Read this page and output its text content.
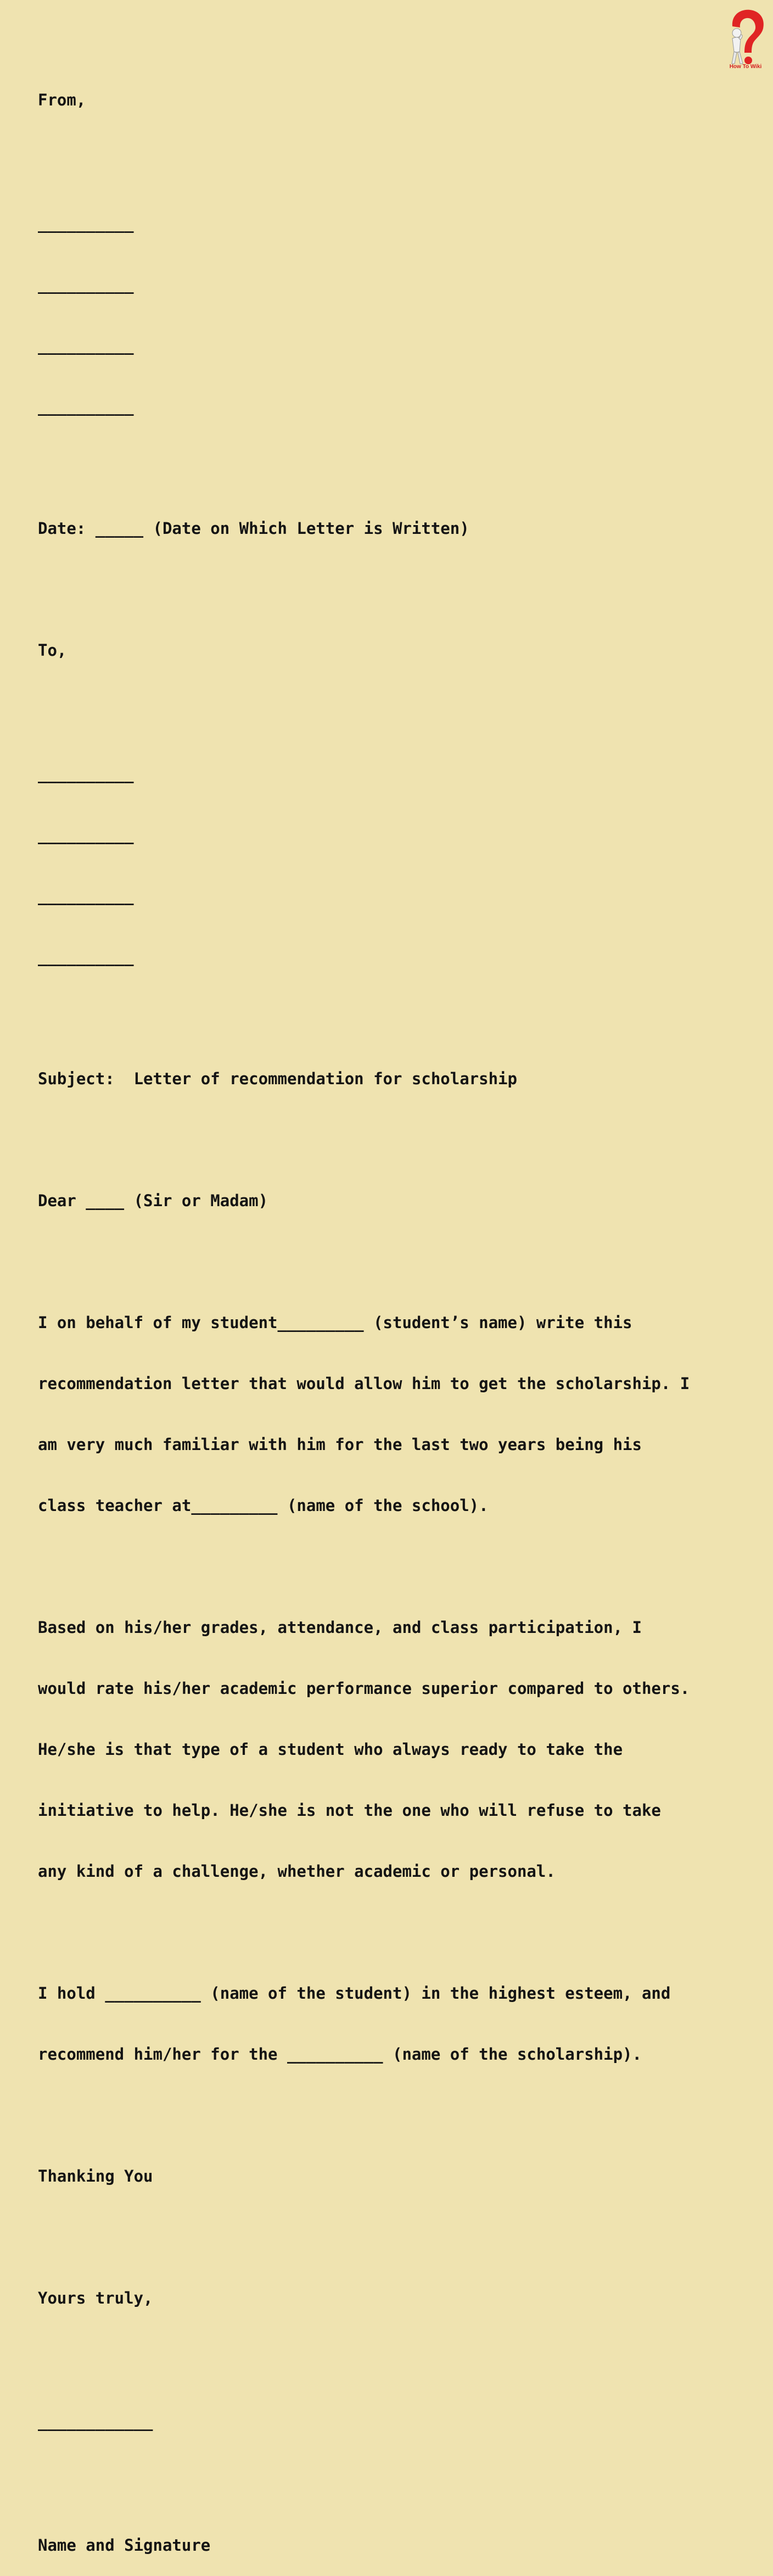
How To Wiki

From,

__________

__________

__________

__________

Date: _____ (Date on Which Letter is Written)

To,

__________

__________

__________

__________

Subject:  Letter of recommendation for scholarship

Dear ____ (Sir or Madam)

I on behalf of my student_________ (student’s name) write this

recommendation letter that would allow him to get the scholarship. I

am very much familiar with him for the last two years being his

class teacher at_________ (name of the school).

Based on his/her grades, attendance, and class participation, I

would rate his/her academic performance superior compared to others.

He/she is that type of a student who always ready to take the

initiative to help. He/she is not the one who will refuse to take

any kind of a challenge, whether academic or personal.

I hold __________ (name of the student) in the highest esteem, and

recommend him/her for the __________ (name of the scholarship).

Thanking You

Yours truly,

____________

Name and Signature
